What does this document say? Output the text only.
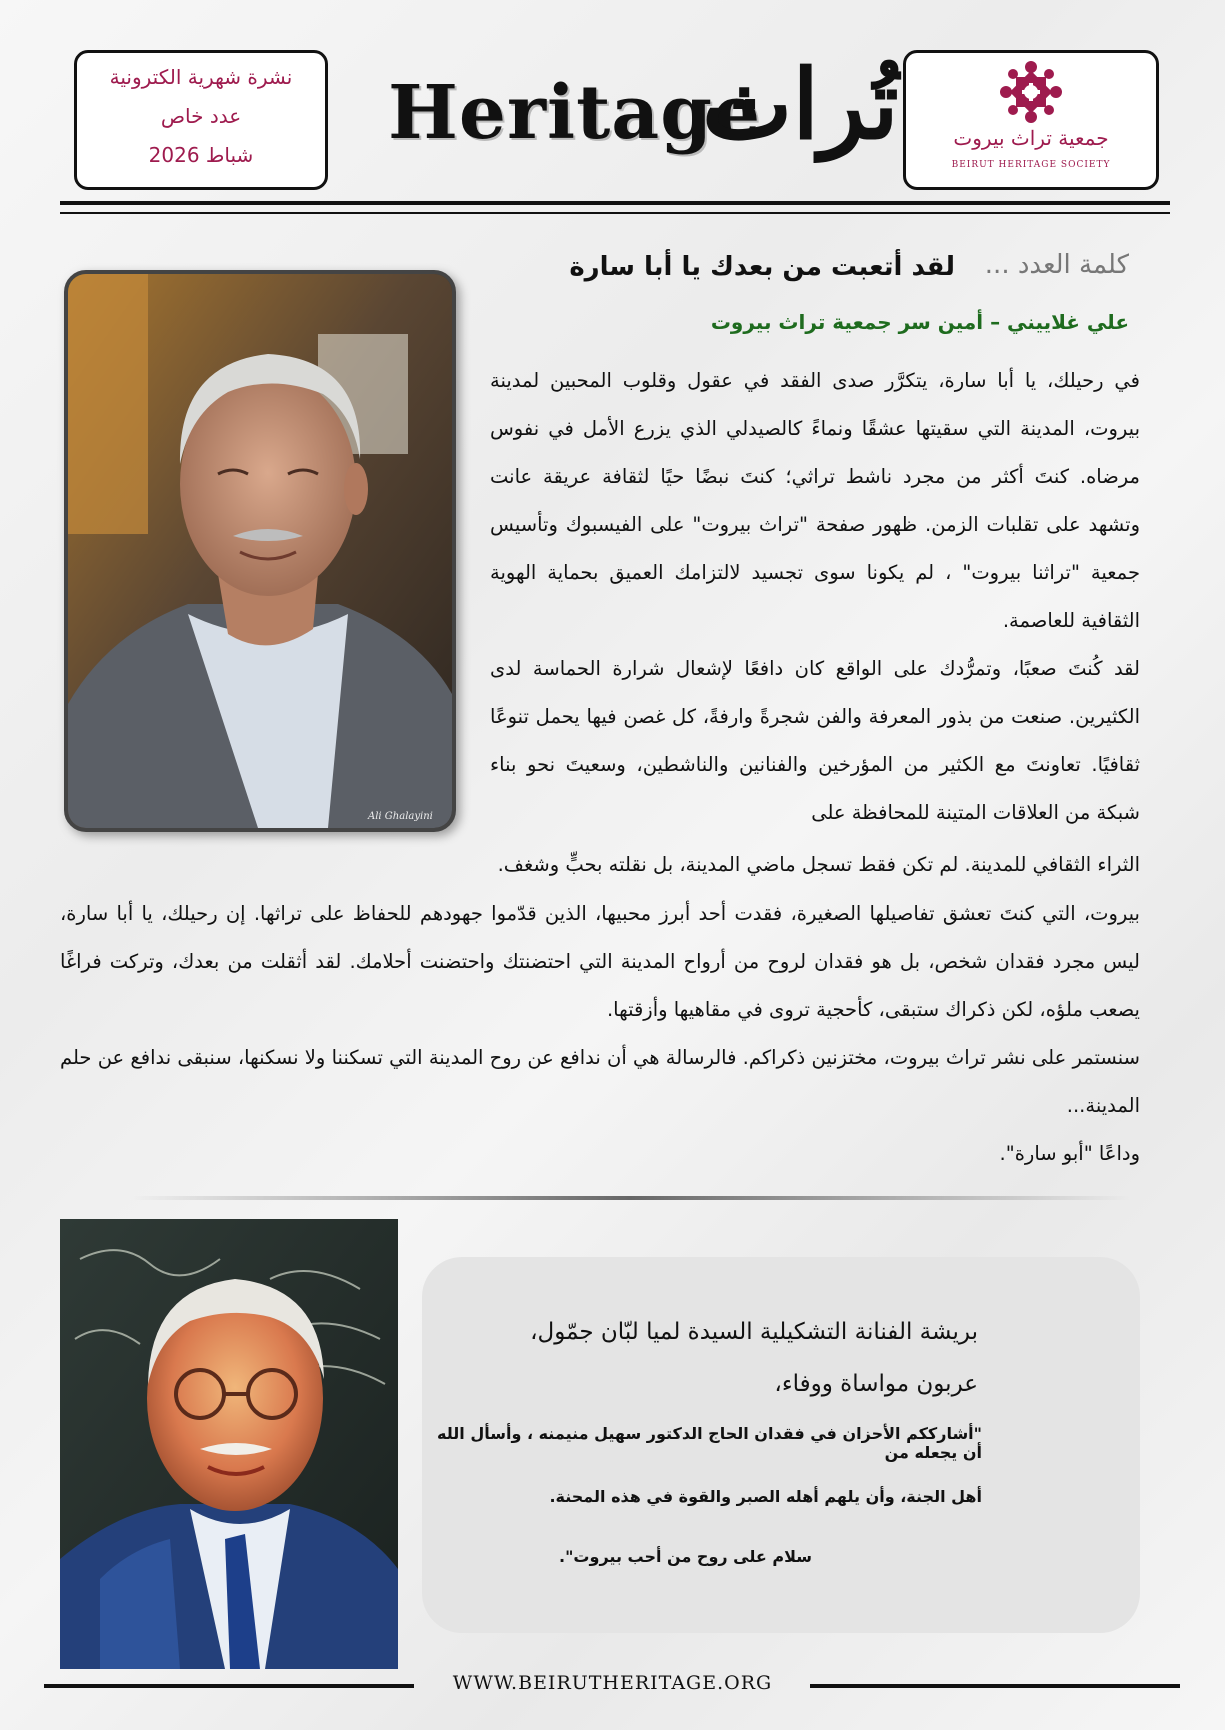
نشرة شهرية الكترونية
عدد خاص
شباط 2026	Heritage
تُراث	جمعية تراث بيروت
BEIRUT HERITAGE SOCIETY
Ali Ghalayini
كلمة العدد ...
لقد أتعبت من بعدك يا أبا سارة
علي غلاييني – أمين سر جمعية تراث بيروت
في رحيلك، يا أبا سارة، يتكرَّر صدى الفقد في عقول وقلوب المحبين لمدينة بيروت، المدينة التي سقيتها عشقًا ونماءً كالصيدلي الذي يزرع الأمل في نفوس مرضاه. كنتَ أكثر من مجرد ناشط تراثي؛ كنتَ نبضًا حيًا لثقافة عريقة عانت وتشهد على تقلبات الزمن. ظهور صفحة "تراث بيروت" على الفيسبوك وتأسيس جمعية "تراثنا بيروت" ، لم يكونا سوى تجسيد لالتزامك العميق بحماية الهوية الثقافية للعاصمة.
لقد كُنتَ صعبًا، وتمرُّدك على الواقع كان دافعًا لإشعال شرارة الحماسة لدى الكثيرين. صنعت من بذور المعرفة والفن شجرةً وارفةً، كل غصن فيها يحمل تنوعًا ثقافيًا. تعاونتَ مع الكثير من المؤرخين والفنانين والناشطين، وسعيتَ نحو بناء شبكة من العلاقات المتينة للمحافظة على
الثراء الثقافي للمدينة. لم تكن فقط تسجل ماضي المدينة، بل نقلته بحبٍّ وشغف.
بيروت، التي كنتَ تعشق تفاصيلها الصغيرة، فقدت أحد أبرز محبيها، الذين قدّموا جهودهم للحفاظ على تراثها. إن رحيلك، يا أبا سارة، ليس مجرد فقدان شخص، بل هو فقدان لروح من أرواح المدينة التي احتضنتك واحتضنت أحلامك. لقد أثقلت من بعدك، وتركت فراغًا يصعب ملؤه، لكن ذكراك ستبقى، كأحجية تروى في مقاهيها وأزقتها.
سنستمر على نشر تراث بيروت، مختزنين ذكراكم. فالرسالة هي أن ندافع عن روح المدينة التي تسكننا ولا نسكنها، سنبقى ندافع عن حلم المدينة...
وداعًا "أبو سارة".
بريشة الفنانة التشكيلية السيدة لميا لبّان جمّول،
عربون مواساة ووفاء،
"أشارككم الأحزان في فقدان الحاج الدكتور سهيل منيمنه ، وأسأل الله أن يجعله من
أهل الجنة، وأن يلهم أهله الصبر والقوة في هذه المحنة.
سلام على روح من أحب بيروت".
WWW.BEIRUTHERITAGE.ORG
